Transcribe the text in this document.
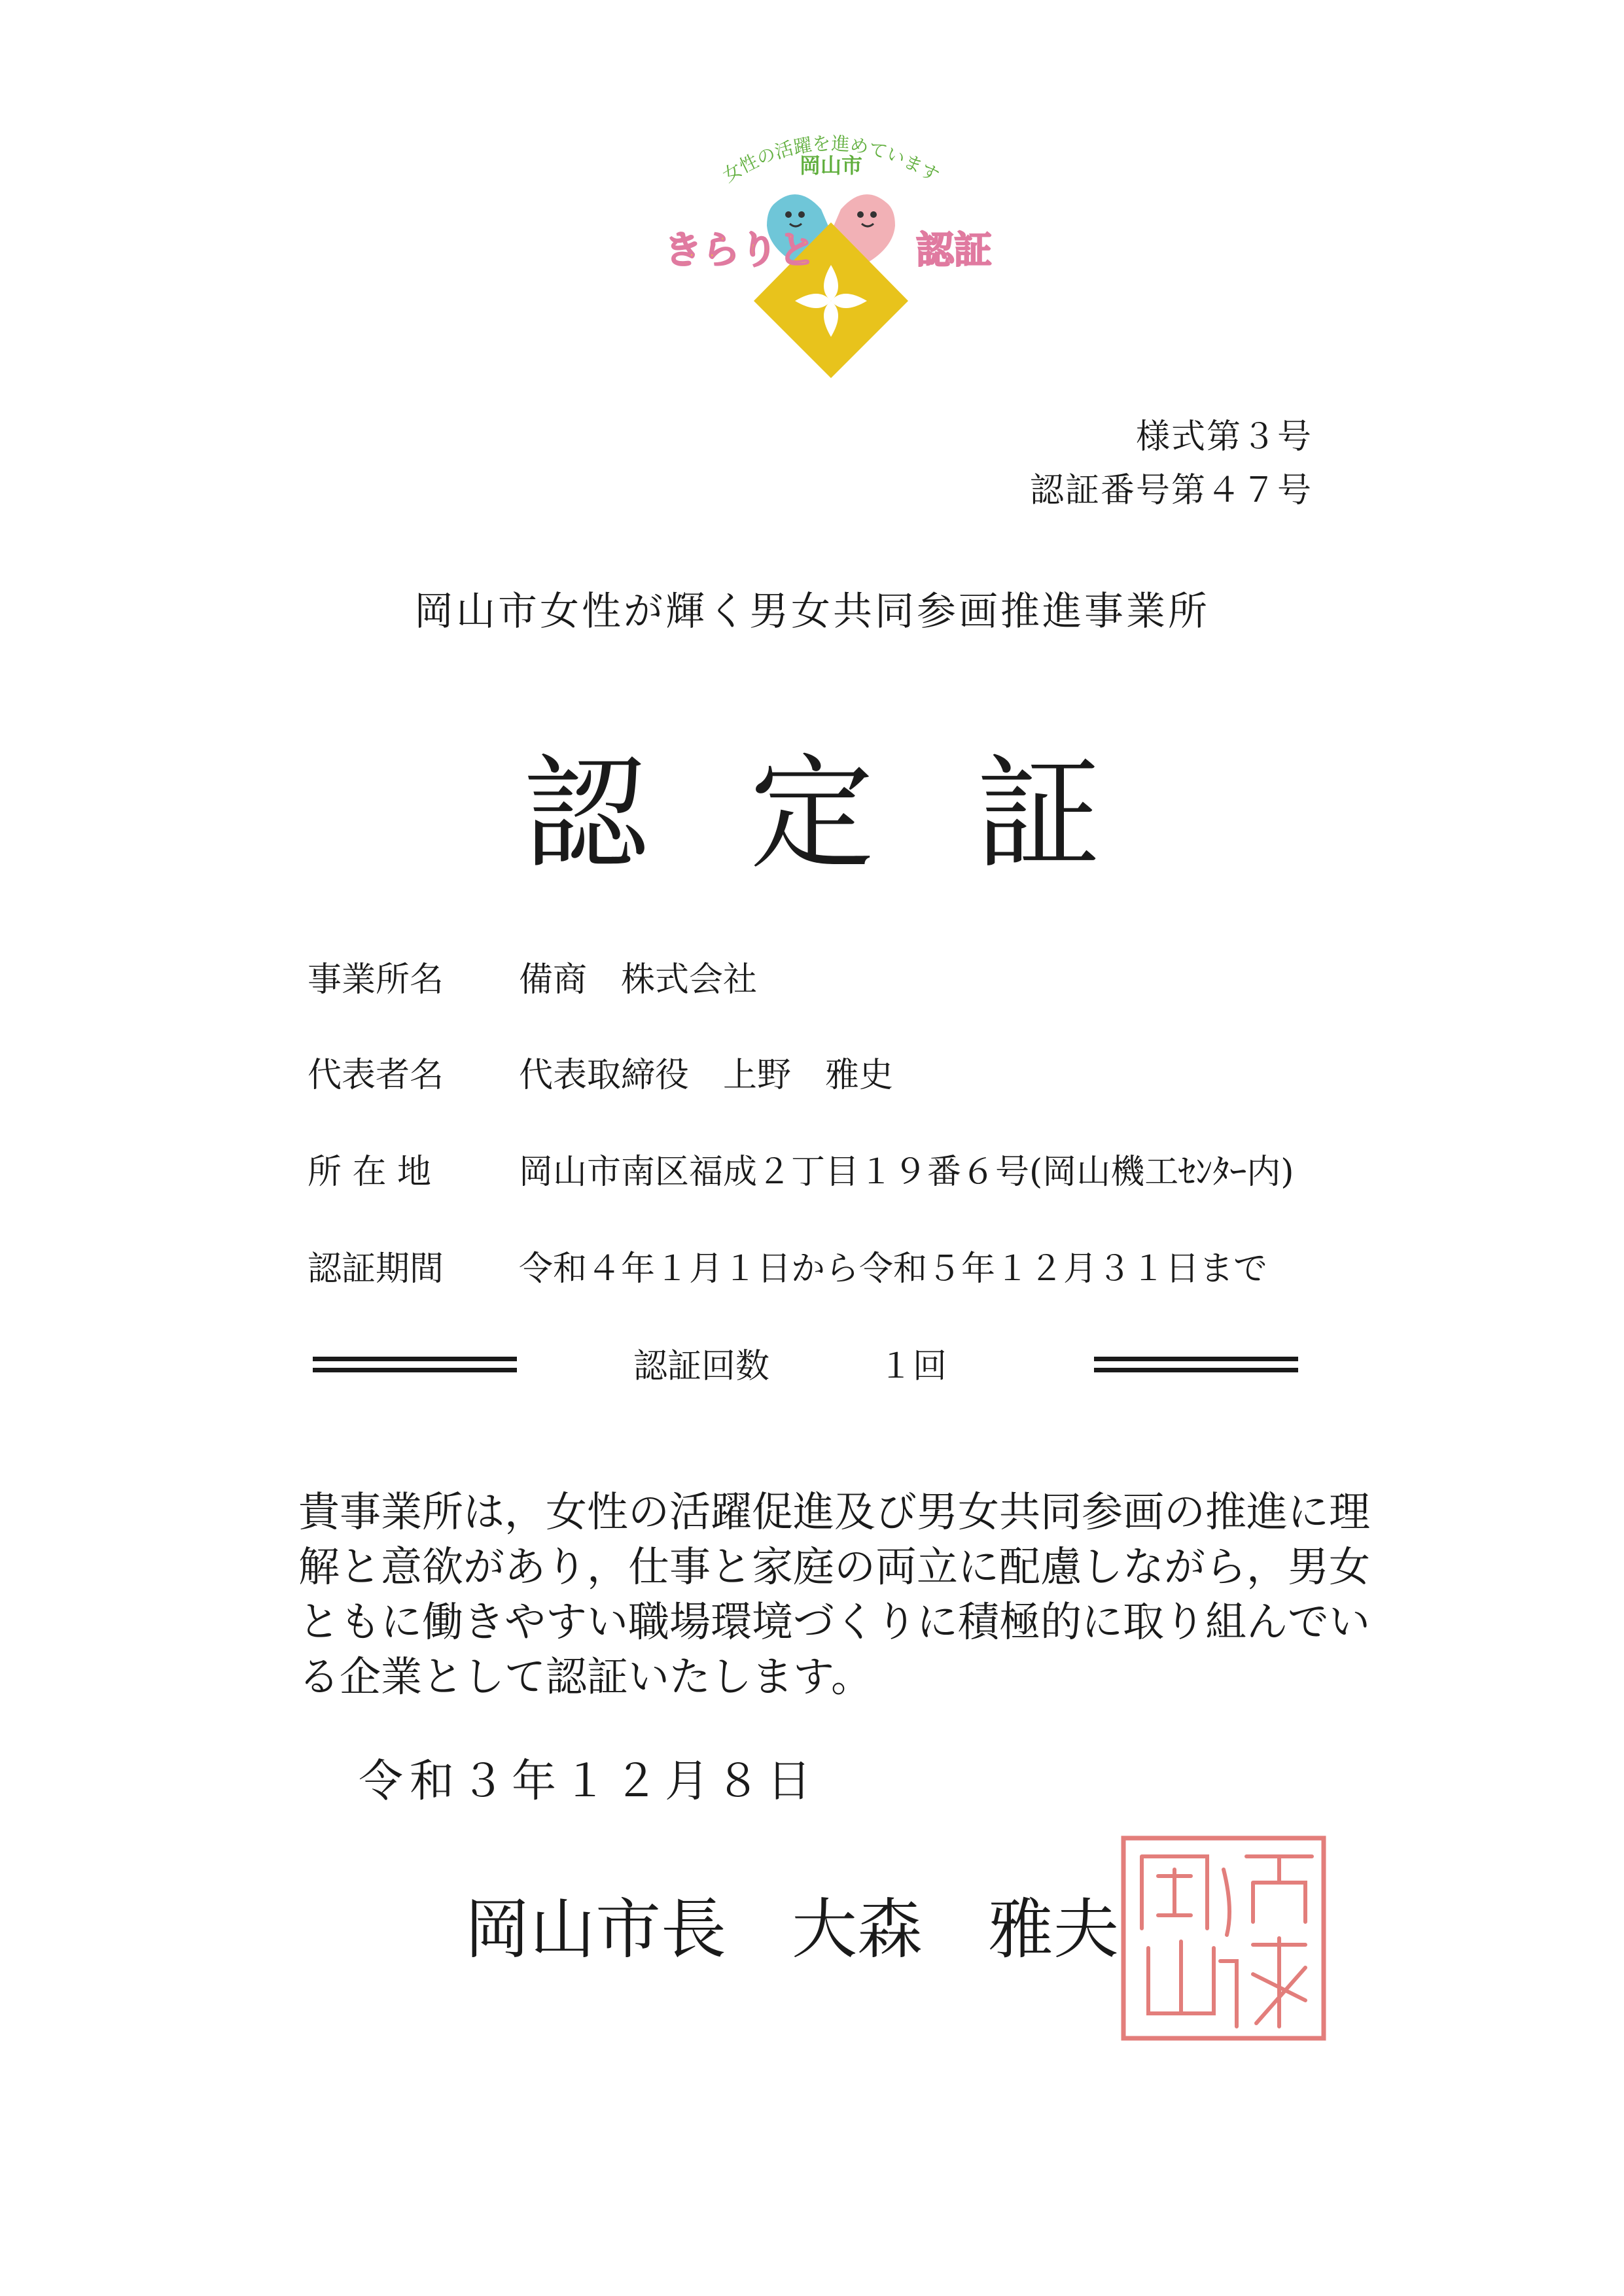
女性の活躍を進めています
岡山市
きらりと	認証
様式第３号
認証番号第４７号
岡山市女性が輝く男女共同参画推進事業所
認 定 証
事業所名 備商　株式会社
代表者名 代表取締役　上野　雅史
所 在 地	岡山市南区福成２丁目１９番６号(岡山機工ｾﾝﾀｰ内)
認証期間 令和４年１月１日から令和５年１２月３１日まで
認証回数	１回
貴事業所は，女性の活躍促進及び男女共同参画の推進に理解と意欲があり，仕事と家庭の両立に配慮しながら，男女ともに働きやすい職場環境づくりに積極的に取り組んでいる企業として認証いたします。
令和３年１２月８日
岡山市長　 大森　雅夫
